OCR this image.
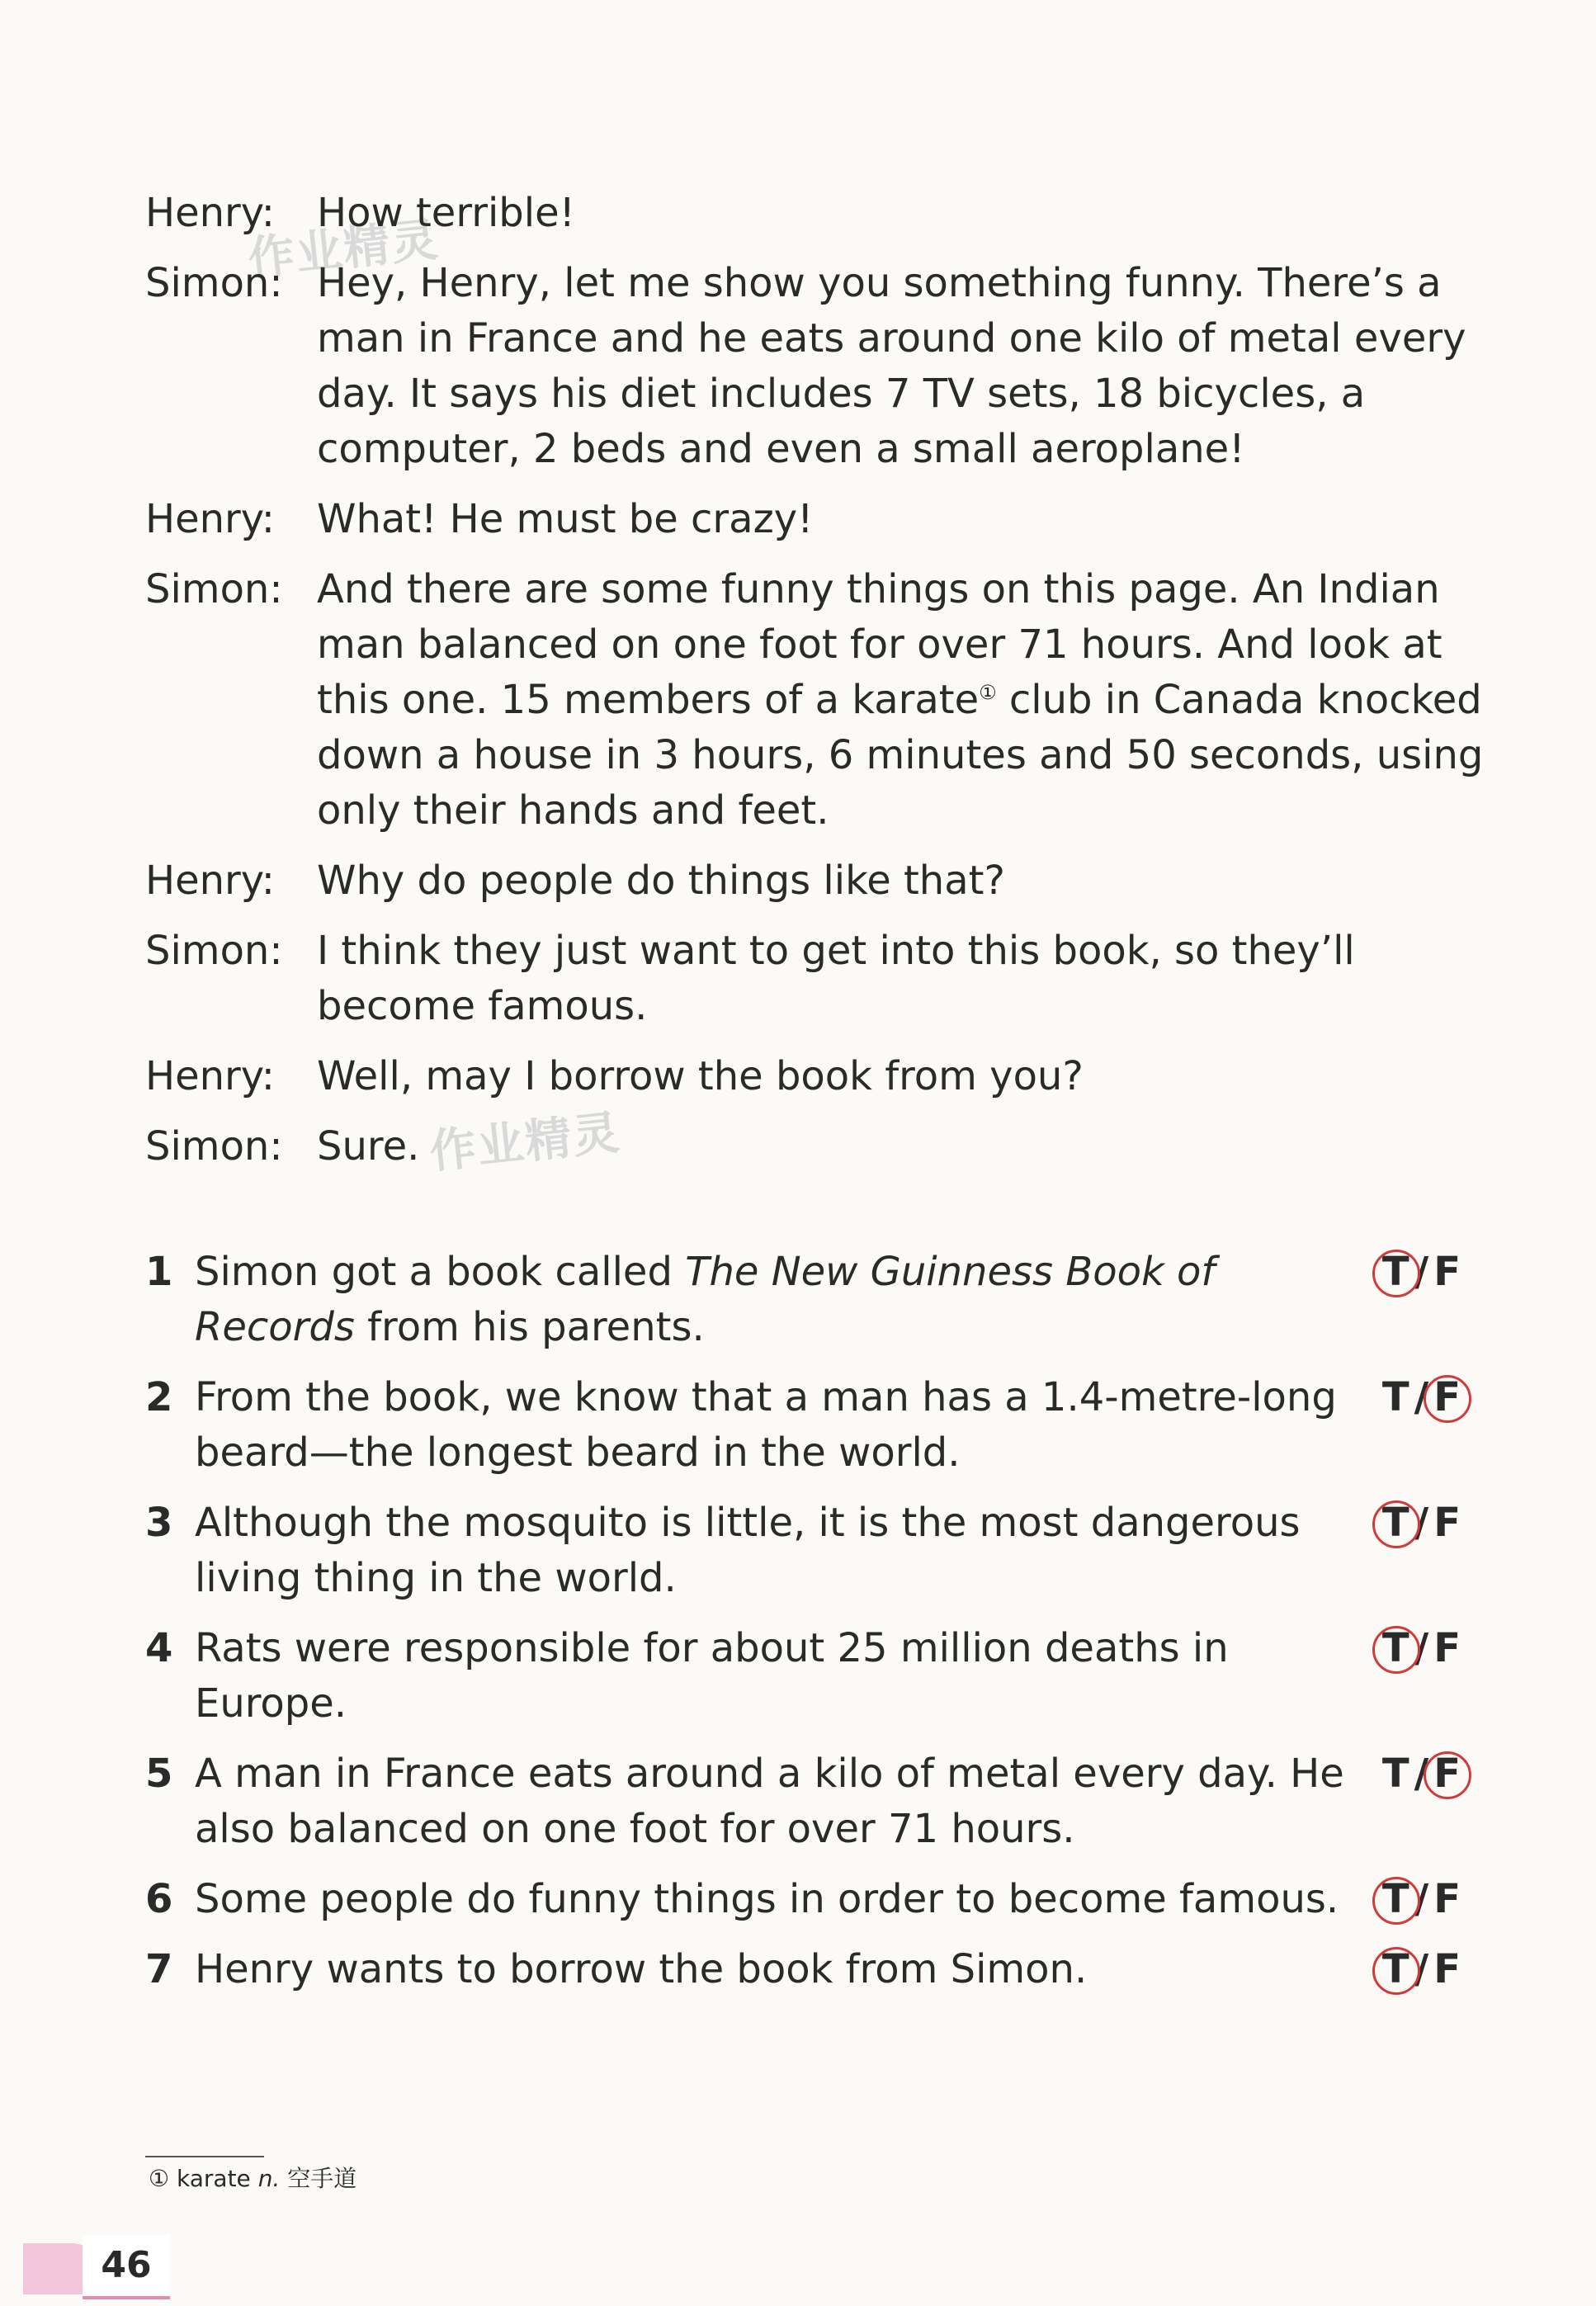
作业精灵
作业精灵
Henry:	How terrible!
Simon: Hey, Henry, let me show you something funny. There’s a man in France and he eats around one kilo of metal every day. It says his diet includes 7 TV sets, 18 bicycles, a computer, 2 beds and even a small aeroplane!
Henry:	What! He must be crazy!
Simon: And there are some funny things on this page. An Indian man balanced on one foot for over 71 hours. And look at this one. 15 members of a karate① club in Canada knocked down a house in 3 hours, 6 minutes and 50 seconds, using only their hands and feet.
Henry:	Why do people do things like that?
Simon: I think they just want to get into this book, so they’ll become famous.
Henry:	Well, may I borrow the book from you?
Simon: Sure.
1 Simon got a book called The New Guinness Book of Records from his parents.
T / F
2 From the book, we know that a man has a 1.4-metre-long beard—the longest beard in the world.
T / F
3 Although the mosquito is little, it is the most dangerous living thing in the world.
T / F
4 Rats were responsible for about 25 million deaths in Europe.
T / F
5 A man in France eats around a kilo of metal every day. He also balanced on one foot for over 71 hours.
T / F
6 Some people do funny things in order to become famous.	T / F
7 Henry wants to borrow the book from Simon.	T / F
① karate n. 空手道
46
